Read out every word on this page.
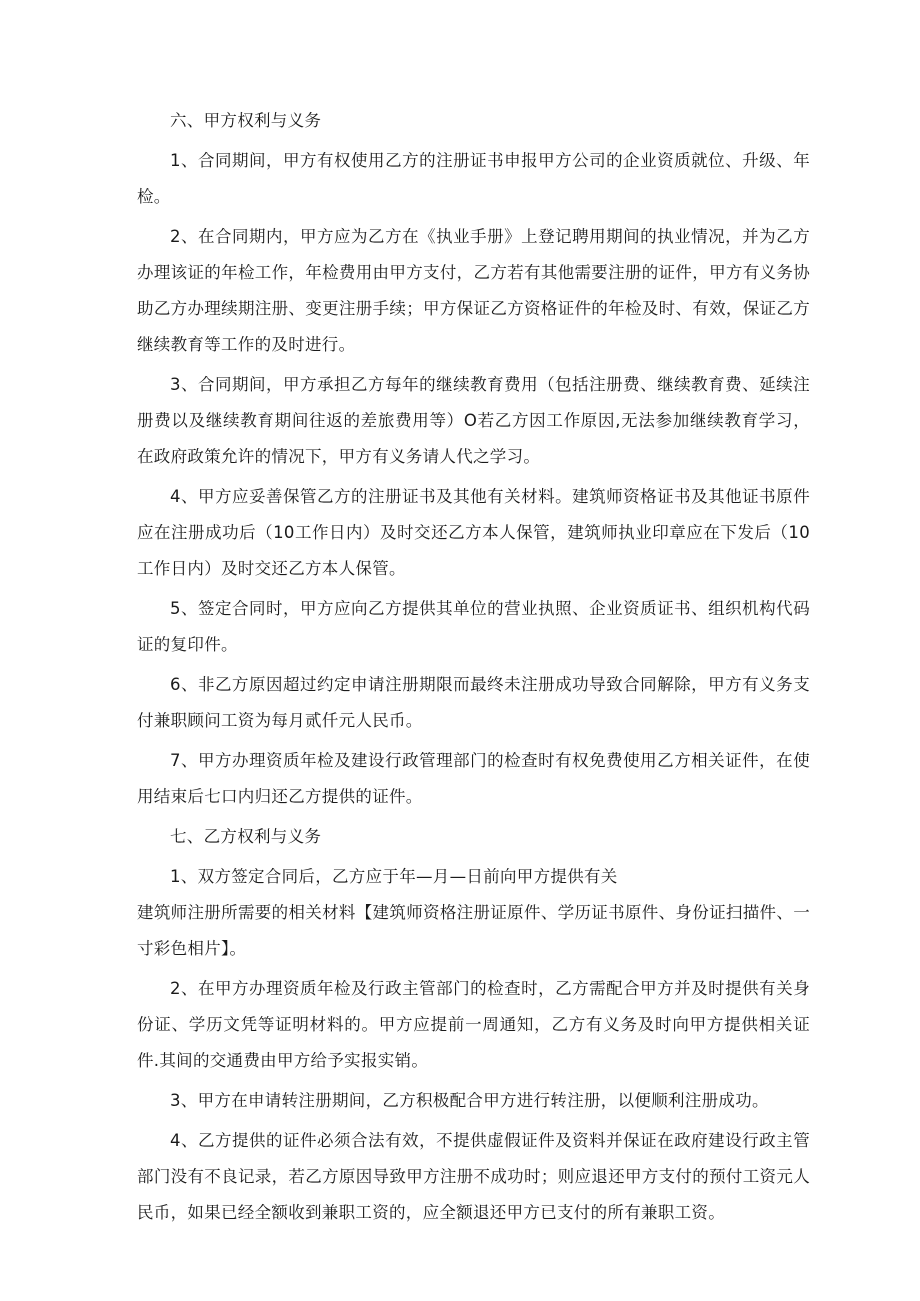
六、甲方权利与义务

1、合同期间，甲方有权使用乙方的注册证书申报甲方公司的企业资质就位、升级、年检。

2、在合同期内，甲方应为乙方在《执业手册》上登记聘用期间的执业情况，并为乙方办理该证的年检工作，年检费用由甲方支付，乙方若有其他需要注册的证件，甲方有义务协助乙方办理续期注册、变更注册手续；甲方保证乙方资格证件的年检及时、有效，保证乙方继续教育等工作的及时进行。

3、合同期间，甲方承担乙方每年的继续教育费用（包括注册费、继续教育费、延续注册费以及继续教育期间往返的差旅费用等）O若乙方因工作原因,无法参加继续教育学习，在政府政策允许的情况下，甲方有义务请人代之学习。

4、甲方应妥善保管乙方的注册证书及其他有关材料。建筑师资格证书及其他证书原件应在注册成功后（10工作日内）及时交还乙方本人保管，建筑师执业印章应在下发后（10工作日内）及时交还乙方本人保管。

5、签定合同时，甲方应向乙方提供其单位的营业执照、企业资质证书、组织机构代码证的复印件。

6、非乙方原因超过约定申请注册期限而最终未注册成功导致合同解除，甲方有义务支付兼职顾问工资为每月贰仟元人民币。

7、甲方办理资质年检及建设行政管理部门的检查时有权免费使用乙方相关证件，在使用结束后七口内归还乙方提供的证件。

七、乙方权利与义务

1、双方签定合同后，乙方应于年—月—日前向甲方提供有关
建筑师注册所需要的相关材料【建筑师资格注册证原件、学历证书原件、身份证扫描件、一寸彩色相片】。

2、在甲方办理资质年检及行政主管部门的检查时，乙方需配合甲方并及时提供有关身份证、学历文凭等证明材料的。甲方应提前一周通知，乙方有义务及时向甲方提供相关证件.其间的交通费由甲方给予实报实销。

3、甲方在申请转注册期间，乙方积极配合甲方进行转注册，以便顺利注册成功。

4、乙方提供的证件必须合法有效，不提供虚假证件及资料并保证在政府建设行政主管部门没有不良记录，若乙方原因导致甲方注册不成功时；则应退还甲方支付的预付工资元人民币，如果已经全额收到兼职工资的，应全额退还甲方已支付的所有兼职工资。
